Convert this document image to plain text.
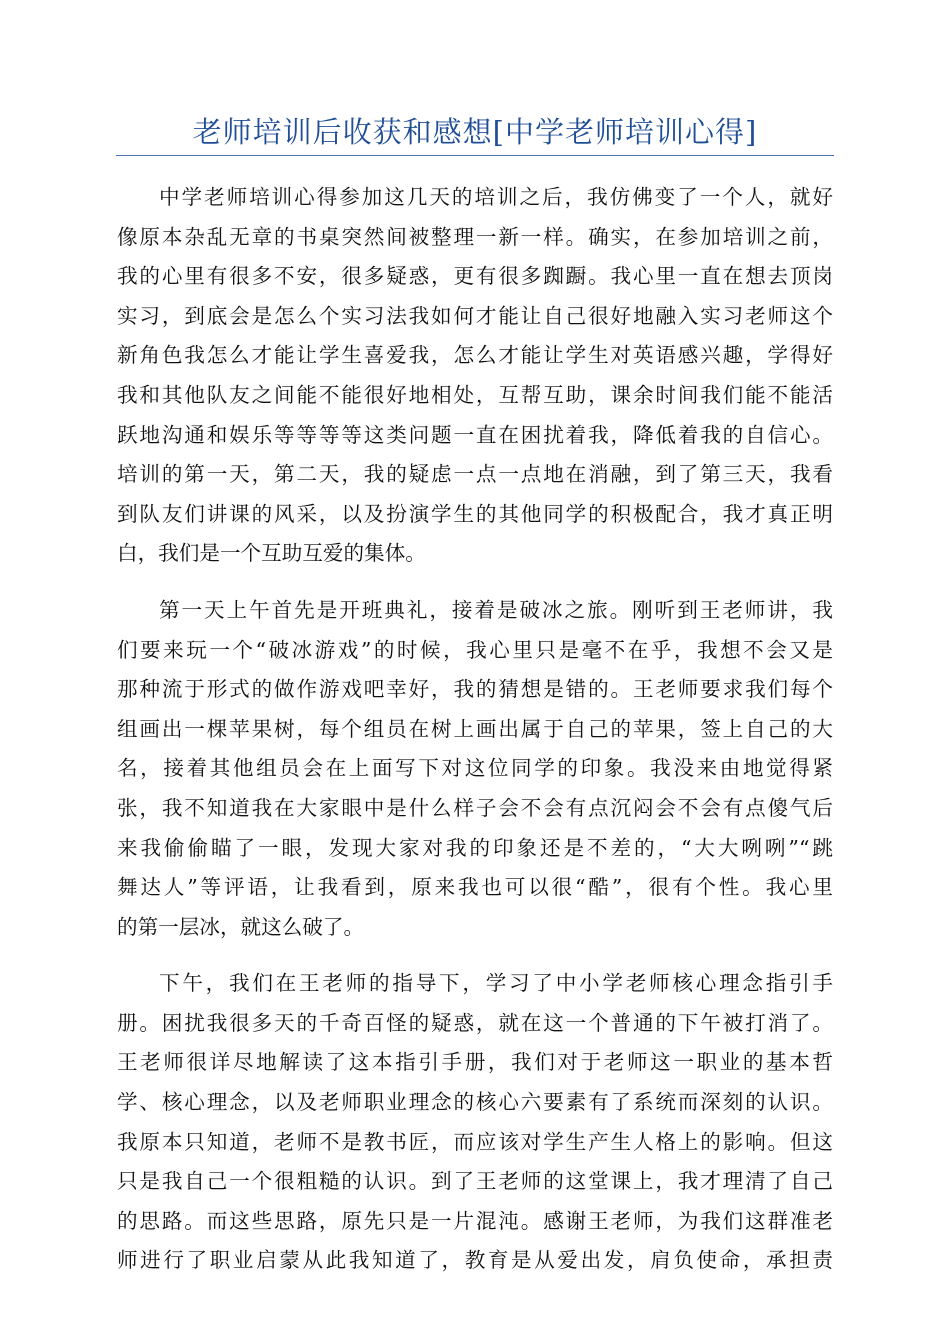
老师培训后收获和感想[中学老师培训心得]
中学老师培训心得参加这几天的培训之后，我仿佛变了一个人，就好
像原本杂乱无章的书桌突然间被整理一新一样。确实，在参加培训之前，
我的心里有很多不安，很多疑惑，更有很多踟蹰。我心里一直在想去顶岗
实习，到底会是怎么个实习法我如何才能让自己很好地融入实习老师这个
新角色我怎么才能让学生喜爱我，怎么才能让学生对英语感兴趣，学得好
我和其他队友之间能不能很好地相处，互帮互助，课余时间我们能不能活
跃地沟通和娱乐等等等等这类问题一直在困扰着我，降低着我的自信心。
培训的第一天，第二天，我的疑虑一点一点地在消融，到了第三天，我看
到队友们讲课的风采，以及扮演学生的其他同学的积极配合，我才真正明
白，我们是一个互助互爱的集体。
第一天上午首先是开班典礼，接着是破冰之旅。刚听到王老师讲，我
们要来玩一个“破冰游戏”的时候，我心里只是毫不在乎，我想不会又是
那种流于形式的做作游戏吧幸好，我的猜想是错的。王老师要求我们每个
组画出一棵苹果树，每个组员在树上画出属于自己的苹果，签上自己的大
名，接着其他组员会在上面写下对这位同学的印象。我没来由地觉得紧
张，我不知道我在大家眼中是什么样子会不会有点沉闷会不会有点傻气后
来我偷偷瞄了一眼，发现大家对我的印象还是不差的，“大大咧咧”“跳
舞达人”等评语，让我看到，原来我也可以很“酷”，很有个性。我心里
的第一层冰，就这么破了。
下午，我们在王老师的指导下，学习了中小学老师核心理念指引手
册。困扰我很多天的千奇百怪的疑惑，就在这一个普通的下午被打消了。
王老师很详尽地解读了这本指引手册，我们对于老师这一职业的基本哲
学、核心理念，以及老师职业理念的核心六要素有了系统而深刻的认识。
我原本只知道，老师不是教书匠，而应该对学生产生人格上的影响。但这
只是我自己一个很粗糙的认识。到了王老师的这堂课上，我才理清了自己
的思路。而这些思路，原先只是一片混沌。感谢王老师，为我们这群准老
师进行了职业启蒙从此我知道了，教育是从爱出发，肩负使命，承担责
